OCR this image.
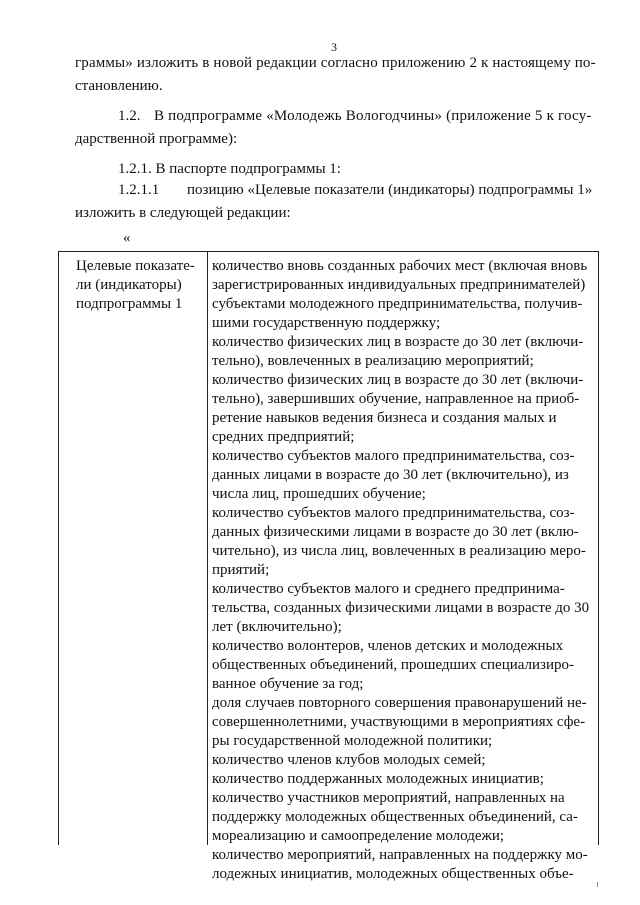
3
граммы» изложить в новой редакции согласно приложению 2 к настоящему по-
становлению.
1.2. В подпрограмме «Молодежь Вологодчины» (приложение 5 к госу-
дарственной программе):
1.2.1. В паспорте подпрограммы 1:
1.2.1.1 позицию «Целевые показатели (индикаторы) подпрограммы 1»
изложить в следующей редакции:
«
Целевые показате-
ли (индикаторы)
подпрограммы 1
количество вновь созданных рабочих мест (включая вновь
зарегистрированных индивидуальных предпринимателей)
субъектами молодежного предпринимательства, получив-
шими государственную поддержку;
количество физических лиц в возрасте до 30 лет (включи-
тельно), вовлеченных в реализацию мероприятий;
количество физических лиц в возрасте до 30 лет (включи-
тельно), завершивших обучение, направленное на приоб-
ретение навыков ведения бизнеса и создания малых и
средних предприятий;
количество субъектов малого предпринимательства, соз-
данных лицами в возрасте до 30 лет (включительно), из
числа лиц, прошедших обучение;
количество субъектов малого предпринимательства, соз-
данных физическими лицами в возрасте до 30 лет (вклю-
чительно), из числа лиц, вовлеченных в реализацию меро-
приятий;
количество субъектов малого и среднего предпринима-
тельства, созданных физическими лицами в возрасте до 30
лет (включительно);
количество волонтеров, членов детских и молодежных
общественных объединений, прошедших специализиро-
ванное обучение за год;
доля случаев повторного совершения правонарушений не-
совершеннолетними, участвующими в мероприятиях сфе-
ры государственной молодежной политики;
количество членов клубов молодых семей;
количество поддержанных молодежных инициатив;
количество участников мероприятий, направленных на
поддержку молодежных общественных объединений, са-
мореализацию и самоопределение молодежи;
количество мероприятий, направленных на поддержку мо-
лодежных инициатив, молодежных общественных объе-
